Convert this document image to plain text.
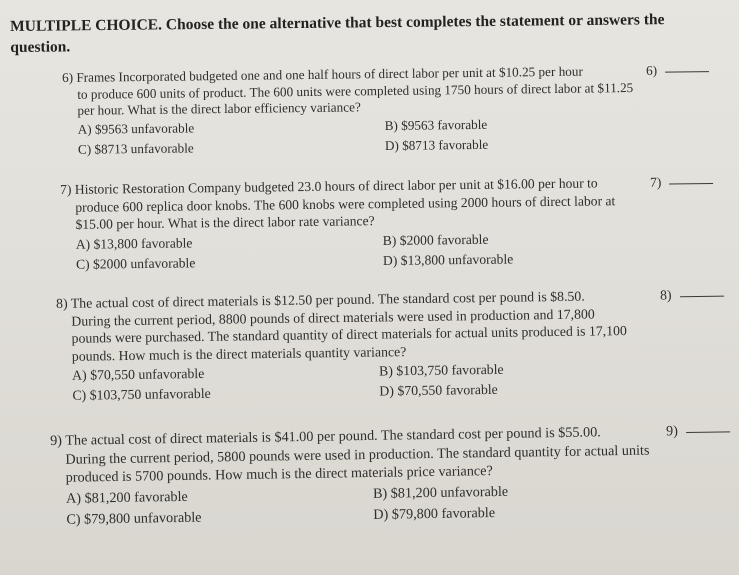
MULTIPLE CHOICE. Choose the one alternative that best completes the statement or answers the question.
6) Frames Incorporated budgeted one and one half hours of direct labor per unit at $10.25 per hour
to produce 600 units of product. The 600 units were completed using 1750 hours of direct labor at $11.25 per hour. What is the direct labor efficiency variance?
6)
A) $9563 unfavorable	B) $9563 favorable
C) $8713 unfavorable	D) $8713 favorable
7) Historic Restoration Company budgeted 23.0 hours of direct labor per unit at $16.00 per hour to
produce 600 replica door knobs. The 600 knobs were completed using 2000 hours of direct labor at $15.00 per hour. What is the direct labor rate variance?
7)
A) $13,800 favorable	B) $2000 favorable
C) $2000 unfavorable	D) $13,800 unfavorable
8) The actual cost of direct materials is $12.50 per pound. The standard cost per pound is $8.50.
During the current period, 8800 pounds of direct materials were used in production and 17,800 pounds were purchased. The standard quantity of direct materials for actual units produced is 17,100 pounds. How much is the direct materials quantity variance?
8)
A) $70,550 unfavorable	B) $103,750 favorable
C) $103,750 unfavorable	D) $70,550 favorable
9) The actual cost of direct materials is $41.00 per pound. The standard cost per pound is $55.00.
During the current period, 5800 pounds were used in production. The standard quantity for actual units produced is 5700 pounds. How much is the direct materials price variance?
9)
A) $81,200 favorable	B) $81,200 unfavorable
C) $79,800 unfavorable	D) $79,800 favorable
